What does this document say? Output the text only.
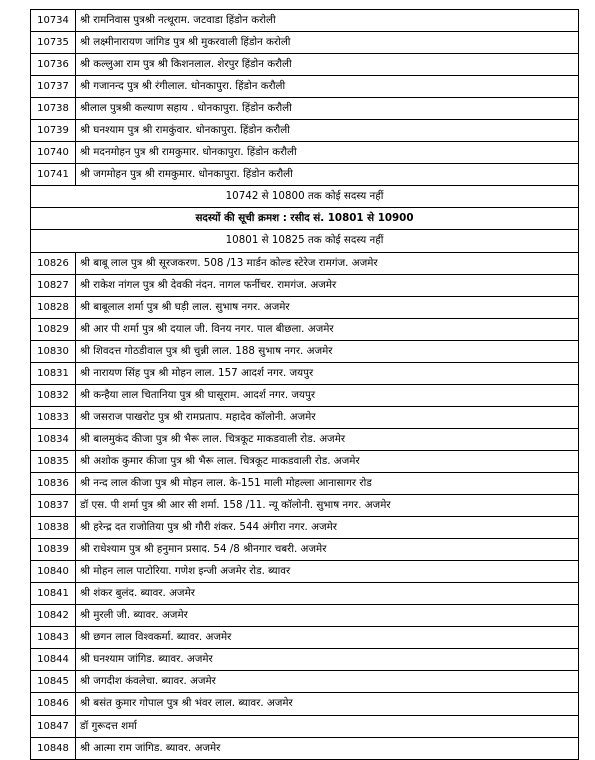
10734	श्री रामनिवास पुत्रश्री नत्थूराम. जटवाडा हिंडोन करोली
10735	श्री लक्ष्मीनारायण जांगिड पुत्र श्री मुकरवाली हिंडोन करोली
10736	श्री कल्लुआ राम पुत्र श्री किशनलाल. शेरपुर हिंडोन करौली
10737	श्री गजानन्द पुत्र श्री रंगीलाल. धोनकापुरा. हिंडोन करौली
10738	श्रीलाल पुत्रश्री कल्याण सहाय . धोनकापुरा. हिंडोन करौली
10739	श्री घनश्याम पुत्र श्री रामकुंवार. धोनकापुरा. हिंडोन करौली
10740	श्री मदनमोहन पुत्र श्री रामकुमार. धोनकापुरा. हिंडोन करौली
10741	श्री जगमोहन पुत्र श्री रामकुमार. धोनकापुरा. हिंडोन करौली
10742 से 10800 तक कोई सदस्य नहीं	
सदस्यों की सूची क्रमश : रसीद सं. 10801 से 10900	
10801 से 10825 तक कोई सदस्य नहीं	
10826	श्री बाबू लाल पुत्र श्री सूरजकरण. 508 /13 मार्डन कोल्ड स्टेरेज रामगंज. अजमेर
10827	श्री राकेश नांगल पुत्र श्री देवकी नंदन. नागल फर्नीचर. रामगंज. अजमेर
10828	श्री बाबूलाल शर्मा पुत्र श्री घड़ी लाल. सुभाष नगर. अजमेर
10829	श्री आर पी शर्मा पुत्र श्री दयाल जी. विनय नगर. पाल बीछला. अजमेर
10830	श्री शिवदत्त गोठडीवाल पुत्र श्री चुन्नी लाल. 188 सुभाष नगर. अजमेर
10831	श्री नारायण सिंह पुत्र श्री मोहन लाल. 157 आदर्श नगर. जयपुर
10832	श्री कन्हैया लाल चितानिया पुत्र श्री घासूराम. आदर्श नगर. जयपुर
10833	श्री जसराज पाखरोट पुत्र श्री रामप्रताप. महादेव कॉलोनी. अजमेर
10834	श्री बालमुकंद कीजा पुत्र श्री भैरू लाल. चित्रकूट माकडवाली रोड. अजमेर
10835	श्री अशोक कुमार कीजा पुत्र श्री भैरू लाल. चित्रकूट माकडवाली रोड. अजमेर
10836	श्री नन्द लाल कीजा पुत्र श्री मोहन लाल. के-151 माली मोहल्ला आनासागर रोड
10837	डॉ एस. पी शर्मा पुत्र श्री आर सी शर्मा. 158 /11. न्यू कॉलोनी. सुभाष नगर. अजमेर
10838	श्री हरेन्द्र दत राजोतिया पुत्र श्री गौरी शंकर. 544 अंगीरा नगर. अजमेर
10839	श्री राधेश्याम पुत्र श्री हनुमान प्रसाद. 54 /8 श्रीनगार चबरी. अजमेर
10840	श्री मोहन लाल पाटोरिया. गणेश इन्जी अजमेर रोड. ब्यावर
10841	श्री शंकर बुलंद. ब्यावर. अजमेर
10842	श्री मुरली जी. ब्यावर. अजमेर
10843	श्री छगन लाल विश्वकर्मा. ब्यावर. अजमेर
10844	श्री घनश्याम जांगिड. ब्यावर. अजमेर
10845	श्री जगदीश कंवलेचा. ब्यावर. अजमेर
10846	श्री बसंत कुमार गोपाल पुत्र श्री भंवर लाल. ब्यावर. अजमेर
10847	डॉ गुरूदत्त शर्मा
10848	श्री आत्मा राम जांगिड. ब्यावर. अजमेर
